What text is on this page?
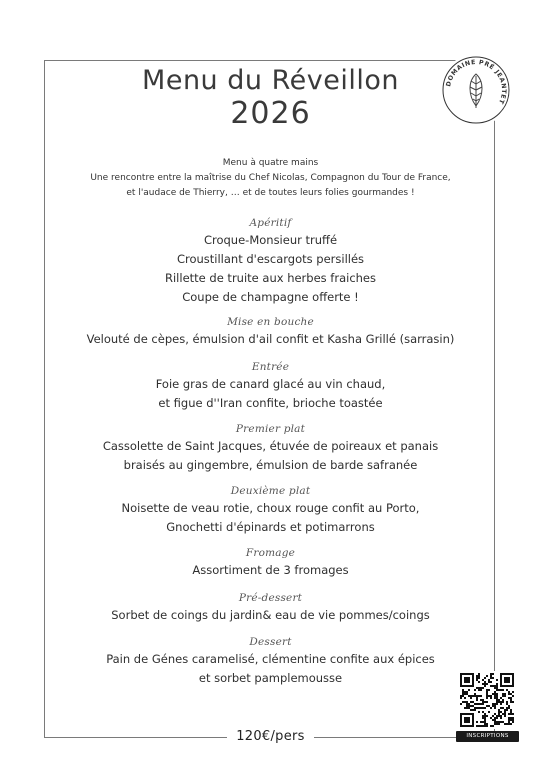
DOMAINE PRÉ JEANTET
Menu du Réveillon
2026
Menu à quatre mains
Une rencontre entre la maîtrise du Chef Nicolas, Compagnon du Tour de France,
et l'audace de Thierry, … et de toutes leurs folies gourmandes !
Apéritif
Croque-Monsieur truffé
Croustillant d'escargots persillés
Rillette de truite aux herbes fraiches
Coupe de champagne offerte !
Mise en bouche
Velouté de cèpes, émulsion d'ail confit et Kasha Grillé (sarrasin)
Entrée
Foie gras de canard glacé au vin chaud,
et figue d''Iran confite, brioche toastée
Premier plat
Cassolette de Saint Jacques, étuvée de poireaux et panais
braisés au gingembre, émulsion de barde safranée
Deuxième plat
Noisette de veau rotie, choux rouge confit au Porto,
Gnochetti d'épinards et potimarrons
Fromage
Assortiment de 3 fromages
Pré-dessert
Sorbet de coings du jardin& eau de vie pommes/coings
Dessert
Pain de Génes caramelisé, clémentine confite aux épices
et sorbet pamplemousse
120€/pers	INSCRIPTIONS
